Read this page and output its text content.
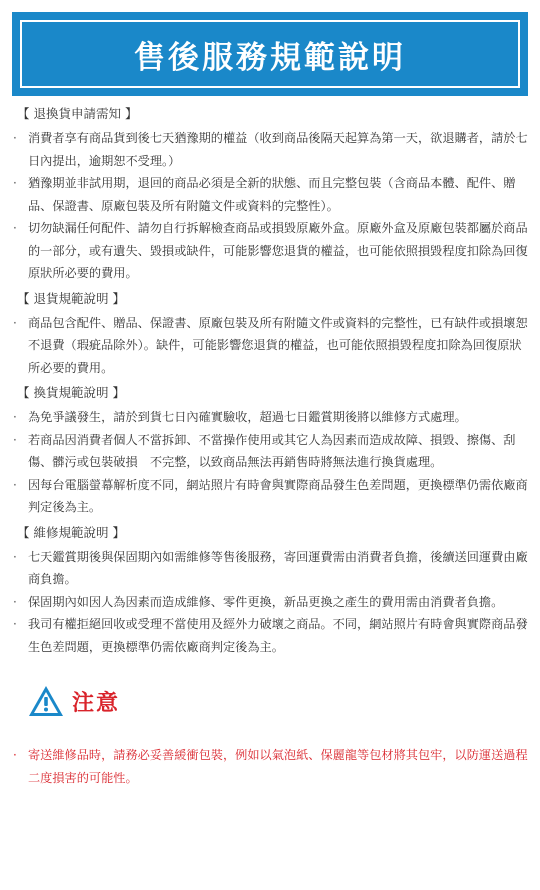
售後服務規範說明
【 退換貨申請需知 】
· 消費者享有商品貨到後七天猶豫期的權益（收到商品後隔天起算為第一天，欲退購者，請於七日內提出，逾期恕不受理。）
· 猶豫期並非試用期，退回的商品必須是全新的狀態、而且完整包裝（含商品本體、配件、贈品、保證書、原廠包裝及所有附隨文件或資料的完整性）。
· 切勿缺漏任何配件、請勿自行拆解檢查商品或損毀原廠外盒。原廠外盒及原廠包裝都屬於商品的一部分，或有遺失、毀損或缺件，可能影響您退貨的權益，也可能依照損毀程度扣除為回復原狀所必要的費用。
【 退貨規範說明 】
· 商品包含配件、贈品、保證書、原廠包裝及所有附隨文件或資料的完整性，已有缺件或損壞恕不退費（瑕疵品除外）。缺件，可能影響您退貨的權益，也可能依照損毀程度扣除為回復原狀所必要的費用。
【 換貨規範說明 】
· 為免爭議發生，請於到貨七日內確實驗收，超過七日鑑賞期後將以維修方式處理。
· 若商品因消費者個人不當拆卸、不當操作使用或其它人為因素而造成故障、損毀、擦傷、刮傷、髒污或包裝破損　不完整，以致商品無法再銷售時將無法進行換貨處理。
· 因每台電腦螢幕解析度不同，網站照片有時會與實際商品發生色差問題，更換標準仍需依廠商判定後為主。
【 維修規範說明 】
· 七天鑑賞期後與保固期內如需維修等售後服務，寄回運費需由消費者負擔，後續送回運費由廠商負擔。
· 保固期內如因人為因素而造成維修、零件更換，新品更換之產生的費用需由消費者負擔。
· 我司有權拒絕回收或受理不當使用及經外力破壞之商品。不同，網站照片有時會與實際商品發生色差問題，更換標準仍需依廠商判定後為主。
注意
· 寄送維修品時，請務必妥善緩衝包裝，例如以氣泡紙、保麗龍等包材將其包牢，以防運送過程二度損害的可能性。
